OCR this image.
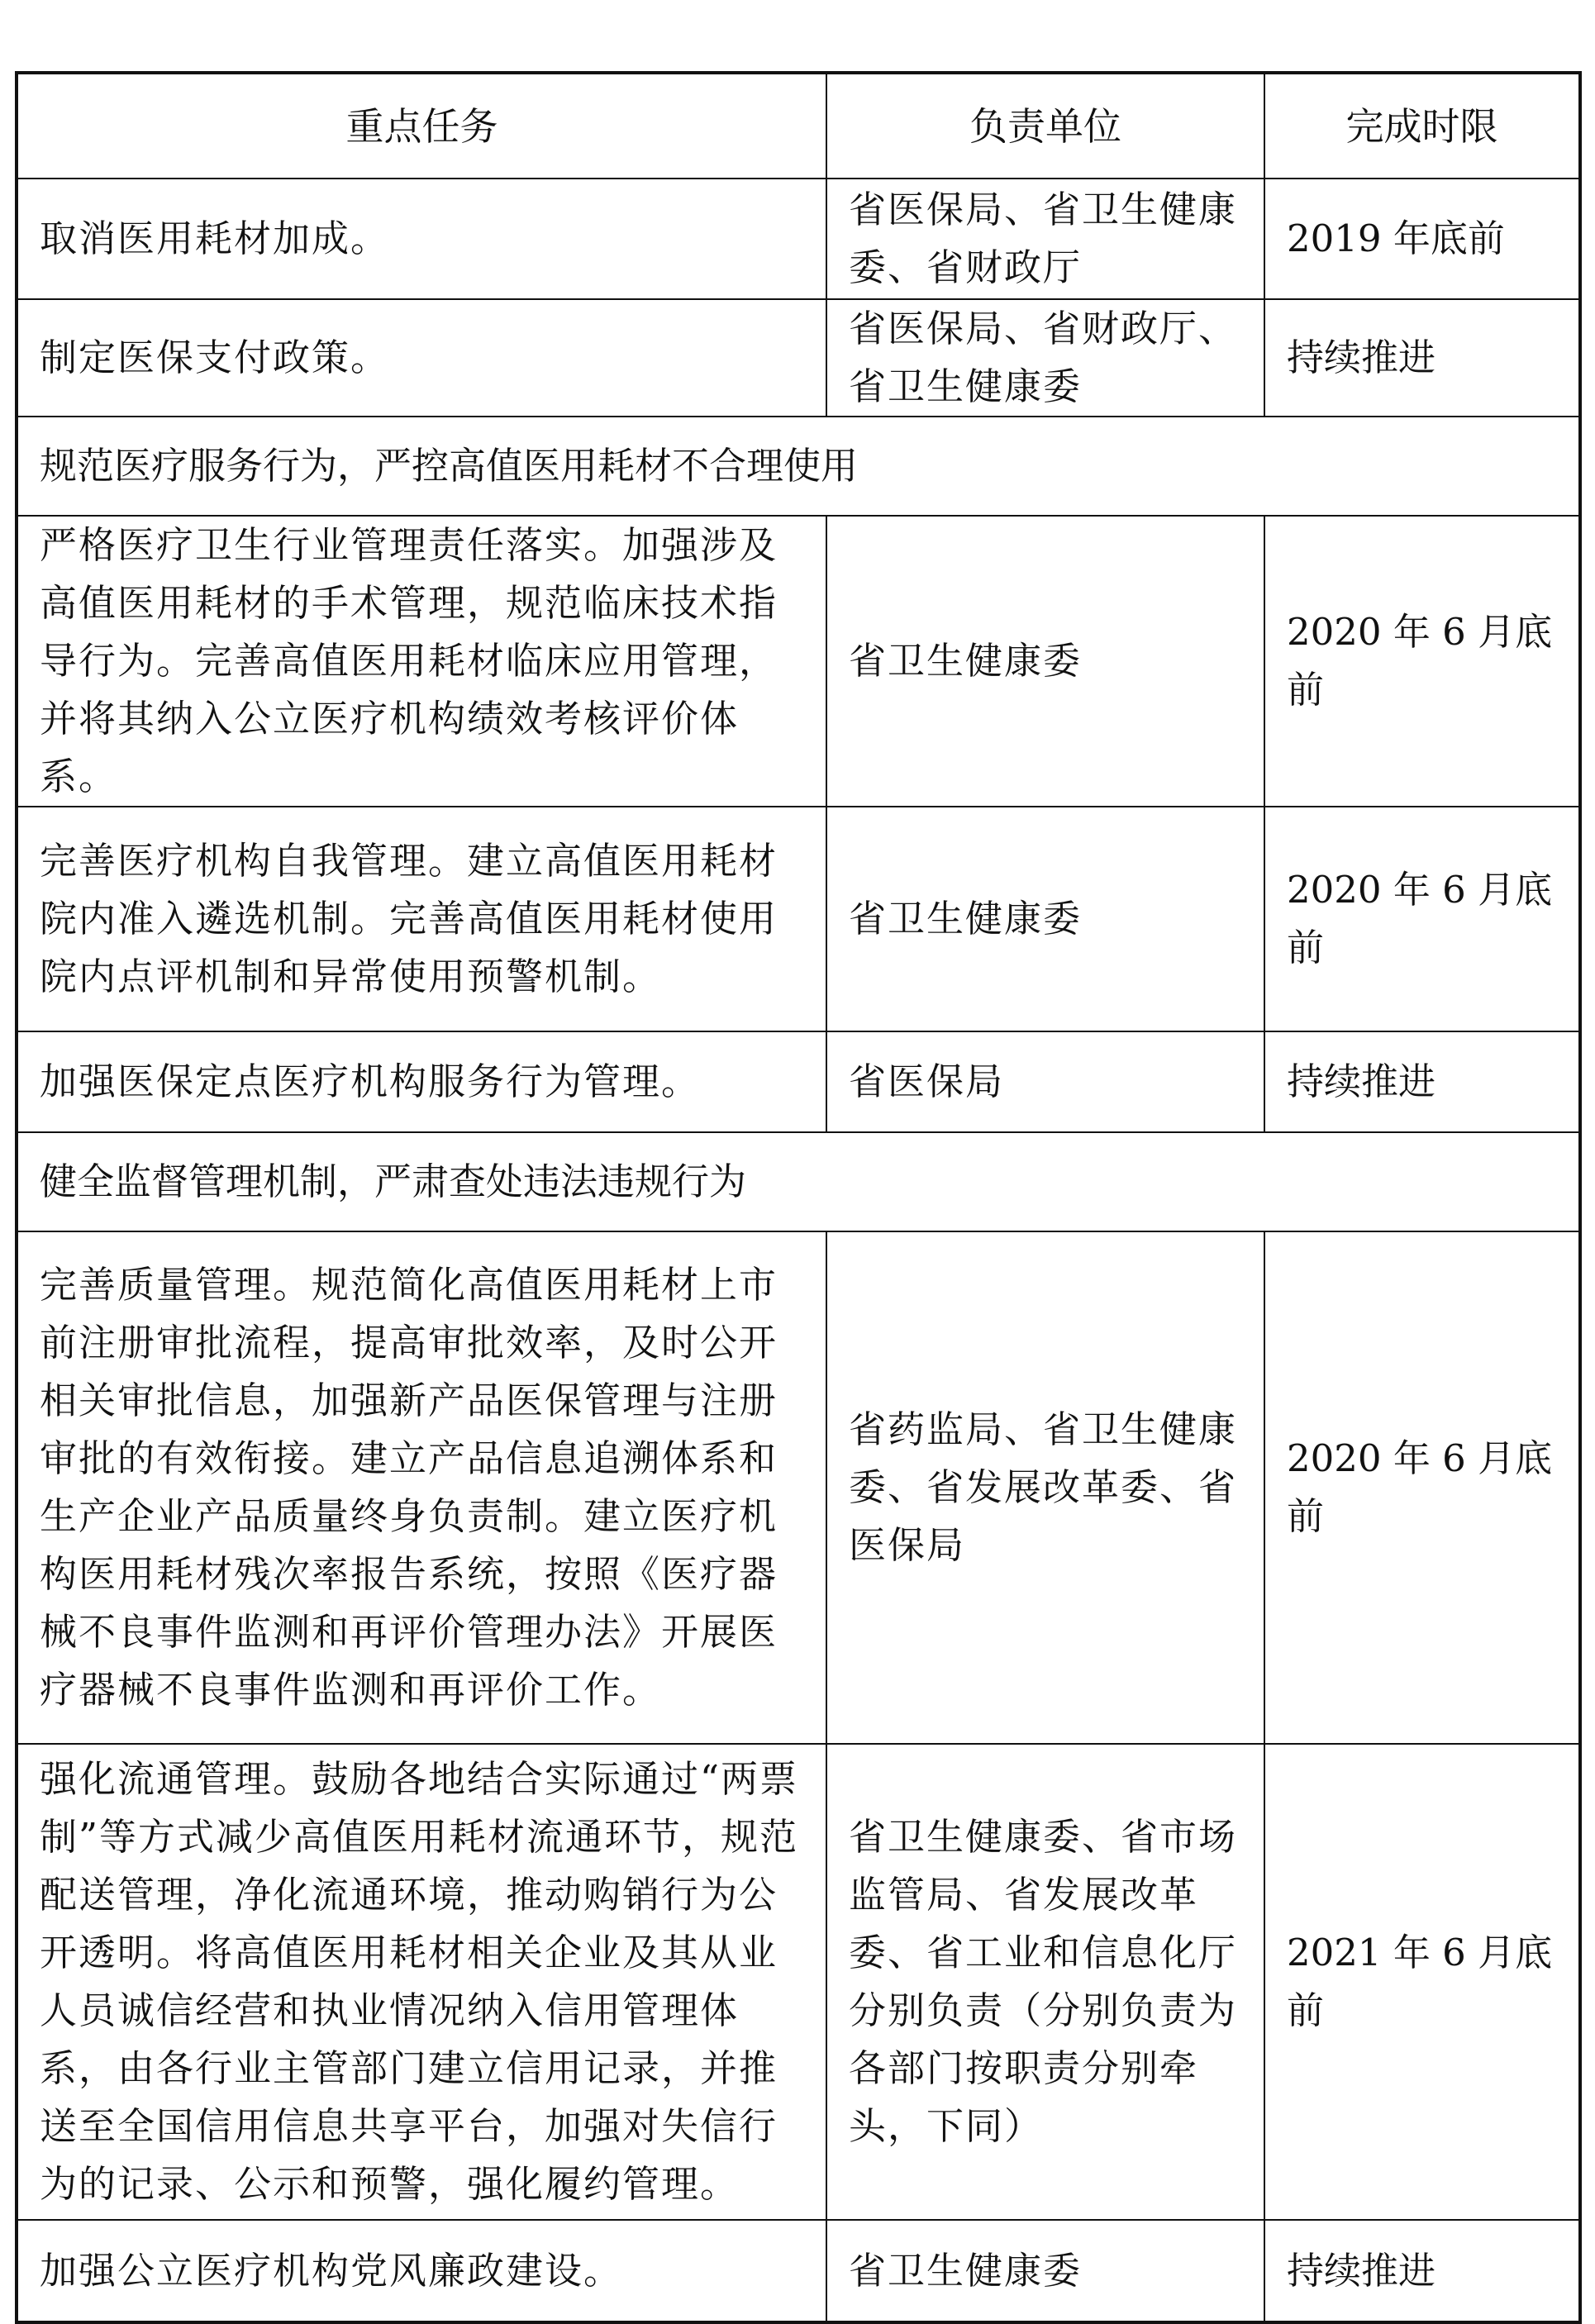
重点任务	负责单位	完成时限
取消医用耗材加成。	省医保局、省卫生健康委、省财政厅	2019 年底前
制定医保支付政策。	省医保局、省财政厅、省卫生健康委	持续推进
规范医疗服务行为，严控高值医用耗材不合理使用		
严格医疗卫生行业管理责任落实。加强涉及高值医用耗材的手术管理，规范临床技术指导行为。完善高值医用耗材临床应用管理，并将其纳入公立医疗机构绩效考核评价体系。	省卫生健康委	2020 年 6 月底前
完善医疗机构自我管理。建立高值医用耗材院内准入遴选机制。完善高值医用耗材使用院内点评机制和异常使用预警机制。	省卫生健康委	2020 年 6 月底前
加强医保定点医疗机构服务行为管理。	省医保局	持续推进
健全监督管理机制，严肃查处违法违规行为		
完善质量管理。规范简化高值医用耗材上市前注册审批流程，提高审批效率，及时公开相关审批信息，加强新产品医保管理与注册审批的有效衔接。建立产品信息追溯体系和生产企业产品质量终身负责制。建立医疗机构医用耗材残次率报告系统，按照《医疗器械不良事件监测和再评价管理办法》开展医疗器械不良事件监测和再评价工作。	省药监局、省卫生健康委、省发展改革委、省医保局	2020 年 6 月底前
强化流通管理。鼓励各地结合实际通过“两票制”等方式减少高值医用耗材流通环节，规范配送管理，净化流通环境，推动购销行为公开透明。将高值医用耗材相关企业及其从业人员诚信经营和执业情况纳入信用管理体系，由各行业主管部门建立信用记录，并推送至全国信用信息共享平台，加强对失信行为的记录、公示和预警，强化履约管理。	省卫生健康委、省市场监管局、省发展改革委、省工业和信息化厅分别负责（分别负责为各部门按职责分别牵头，下同）	2021 年 6 月底前
加强公立医疗机构党风廉政建设。	省卫生健康委	持续推进
